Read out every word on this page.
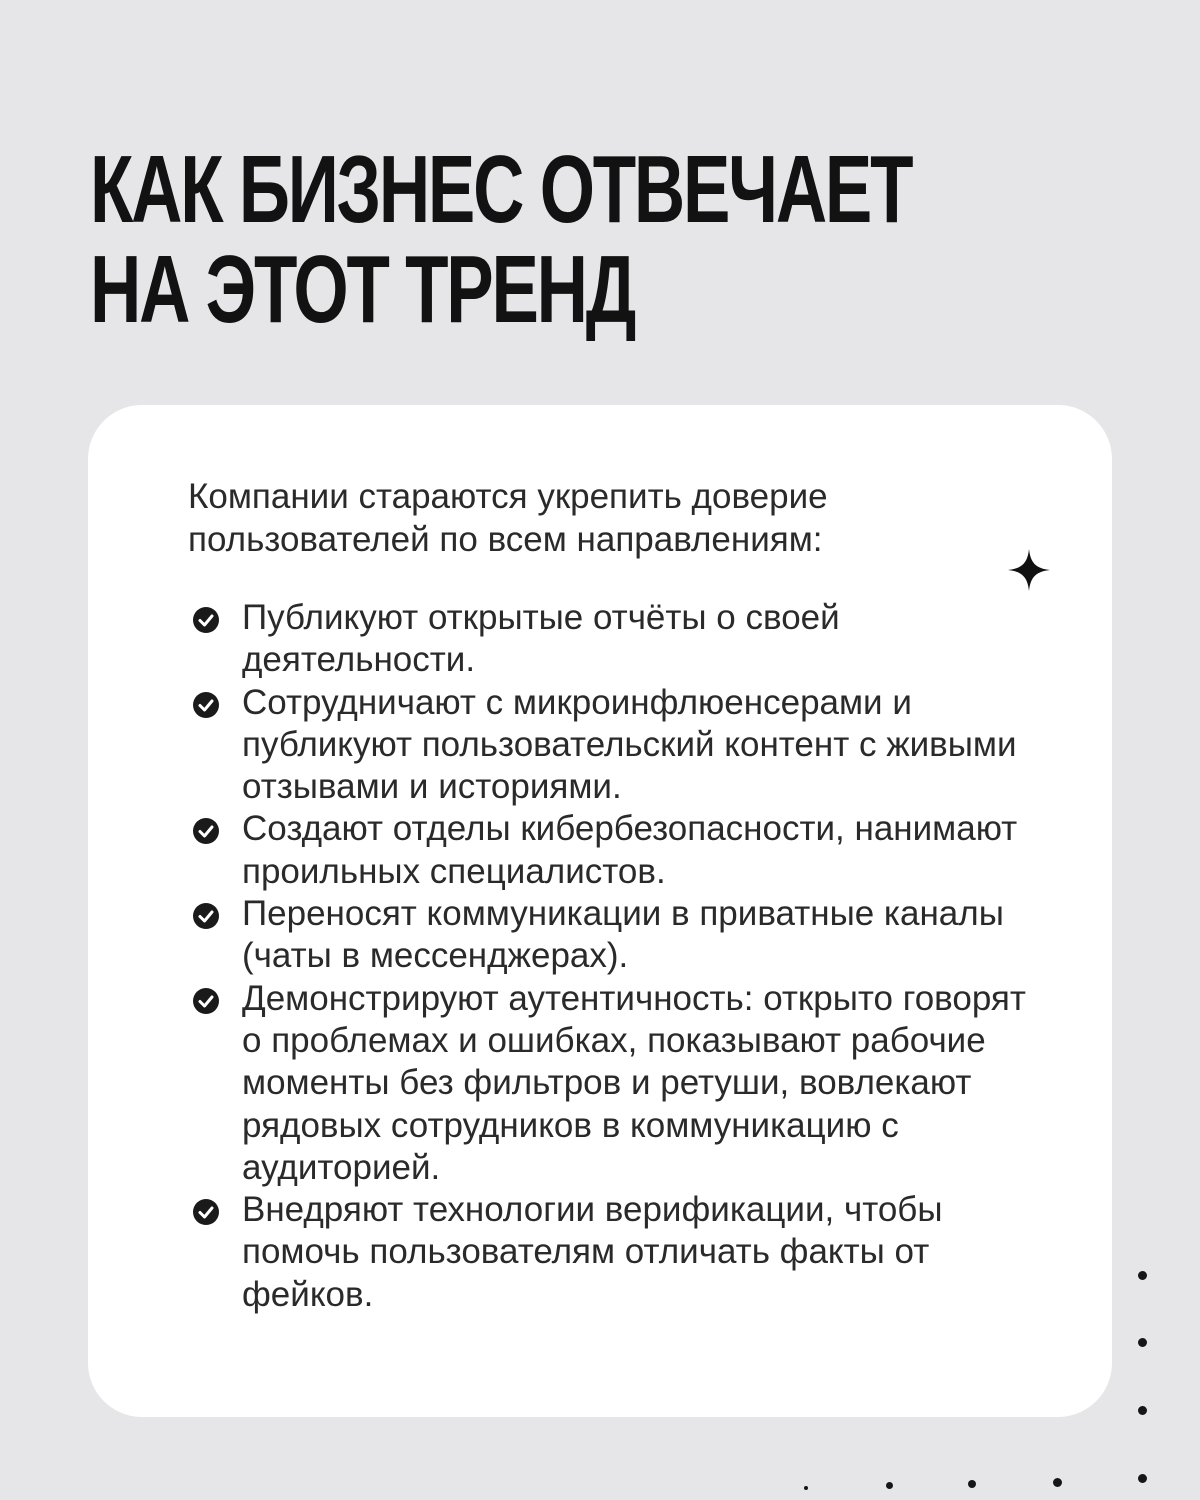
КАК БИЗНЕС ОТВЕЧАЕТ
НА ЭТОТ ТРЕНД

Компании стараются укрепить доверие пользователей по всем направлениям:

Публикуют открытые отчёты о своей деятельности.
Сотрудничают с микроинфлюенсерами и публикуют пользовательский контент с живыми отзывами и историями.
Создают отделы кибербезопасности, нанимают проильных специалистов.
Переносят коммуникации в приватные каналы (чаты в мессенджерах).
Демонстрируют аутентичность: открыто говорят о проблемах и ошибках, показывают рабочие моменты без фильтров и ретуши, вовлекают рядовых сотрудников в коммуникацию с аудиторией.
Внедряют технологии верификации, чтобы помочь пользователям отличать факты от фейков.
